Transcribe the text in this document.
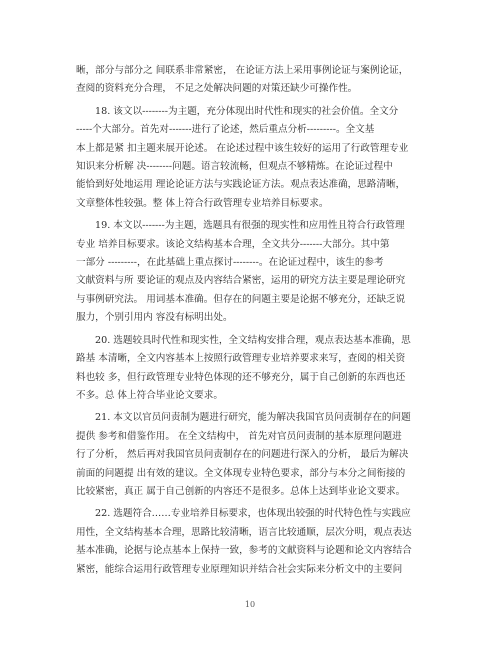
晰，部分与部分之 间联系非常紧密， 在论证方法上采用事例论证与案例论证，
查阅的资料充分合理， 不足之处解决问题的对策还缺少可操作性。

18. 该文以--------为主题，充分体现出时代性和现实的社会价值。全文分
-----个大部分。首先对-------进行了论述，然后重点分析---------。全文基
本上都是紧 扣主题来展开论述。 在论述过程中该生较好的运用了行政管理专业
知识来分析解 决--------问题。语言较流畅，但观点不够精炼。在论证过程中
能恰到好处地运用 理论论证方法与实践论证方法。观点表达准确，思路清晰，
文章整体性较强。整 体上符合行政管理专业培养目标要求。

19. 本文以-------为主题，选题具有很强的现实性和应用性且符合行政管理
专业 培养目标要求。该论文结构基本合理，全文共分-------大部分。其中第
一部分 ---------，在此基础上重点探讨--------。在论证过程中，该生的参考
文献资料与所 要论证的观点及内容结合紧密，运用的研究方法主要是理论研究
与事例研究法。 用词基本准确。但存在的问题主要是论据不够充分，还缺乏说
服力，个别引用内 容没有标明出处。

20. 选题较具时代性和现实性，全文结构安排合理，观点表达基本准确，思
路基 本清晰，全文内容基本上按照行政管理专业培养要求来写，查阅的相关资
料也较 多，但行政管理专业特色体现的还不够充分，属于自己创新的东西也还
不多。总 体上符合毕业论文要求。

21. 本文以官员问责制为题进行研究，能为解决我国官员问责制存在的问题
提供 参考和借鉴作用。 在全文结构中， 首先对官员问责制的基本原理问题进
行了分析， 然后再对我国官员问责制存在的问题进行深入的分析， 最后为解决
前面的问题提 出有效的建议。全文体现专业特色要求，部分与本分之间衔接的
比较紧密，真正 属于自己创新的内容还不是很多。总体上达到毕业论文要求。

22. 选题符合……专业培养目标要求，也体现出较强的时代特色性与实践应
用性，全文结构基本合理，思路比较清晰，语言比较通顺，层次分明，观点表达
基本准确，论据与论点基本上保持一致，参考的文献资料与论题和论文内容结合
紧密，能综合运用行政管理专业原理知识并结合社会实际来分析文中的主要问

10
